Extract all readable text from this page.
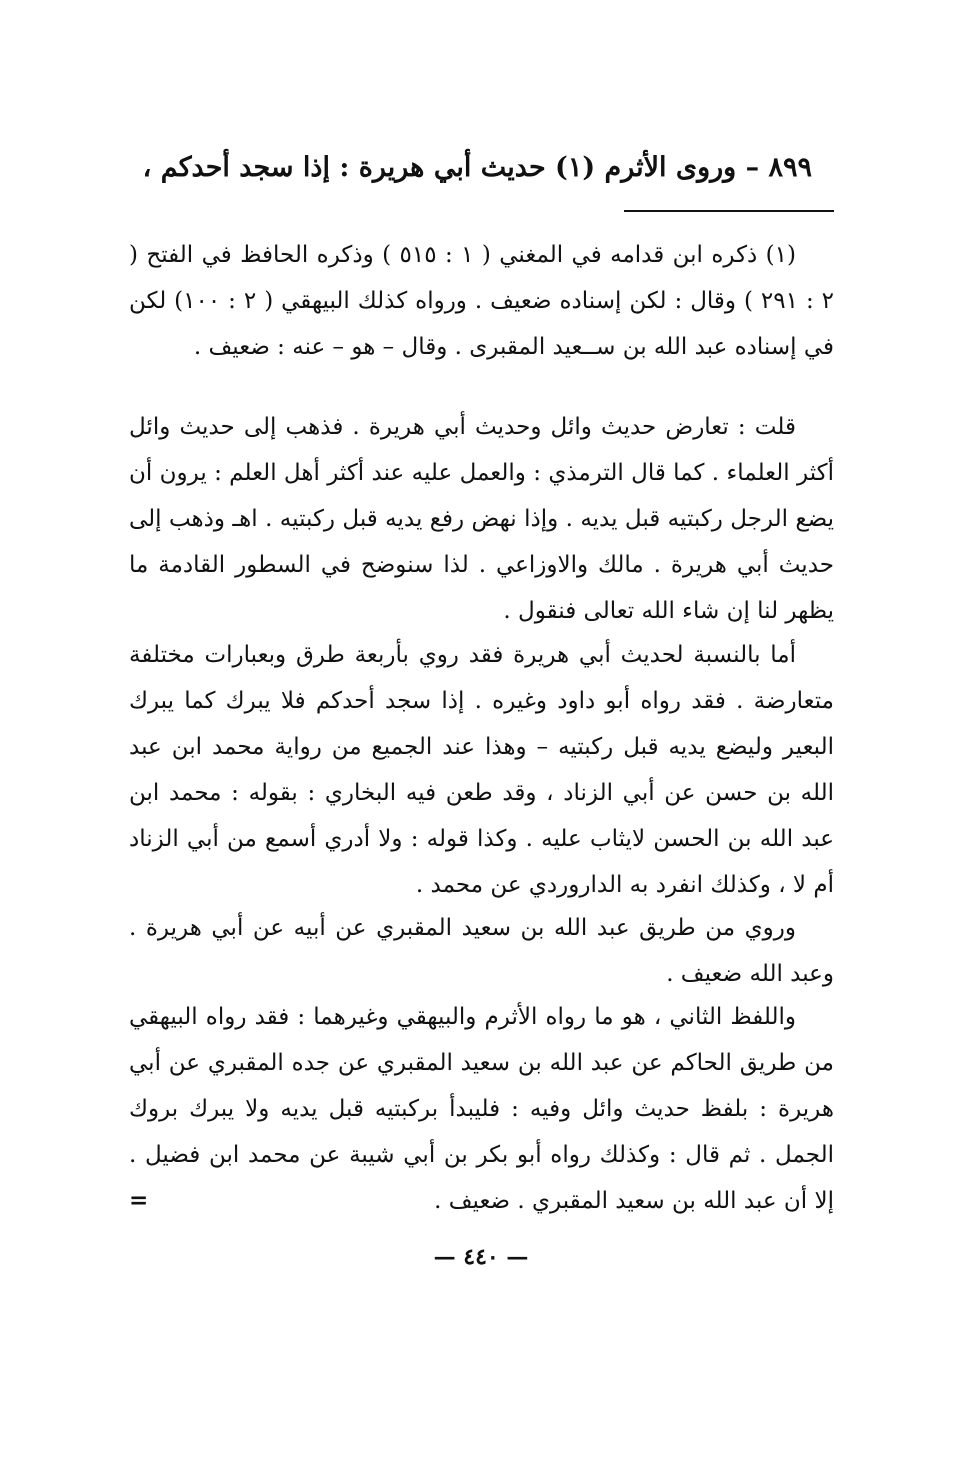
٨٩٩ – وروى الأثرم (١) حديث أبي هريرة : إذا سجد أحدكم ،

(١) ذكره ابن قدامه في المغني ( ١ : ٥١٥ ) وذكره الحافظ في الفتح ( ٢ : ٢٩١ ) وقال : لكن إسناده ضعيف . ورواه كذلك البيهقي ( ٢ : ١٠٠) لكن في إسناده عبد الله بن ســعيد المقبرى . وقال – هو – عنه : ضعيف .

قلت : تعارض حديث وائل وحديث أبي هريرة . فذهب إلى حديث وائل أكثر العلماء . كما قال الترمذي : والعمل عليه عند أكثر أهل العلم : يرون أن يضع الرجل ركبتيه قبل يديه . وإذا نهض رفع يديه قبل ركبتيه . اهـ وذهب إلى حديث أبي هريرة . مالك والاوزاعي . لذا سنوضح في السطور القادمة ما يظهر لنا إن شاء الله تعالى فنقول .

أما بالنسبة لحديث أبي هريرة فقد روي بأربعة طرق وبعبارات مختلفة متعارضة . فقد رواه أبو داود وغيره . إذا سجد أحدكم فلا يبرك كما يبرك البعير وليضع يديه قبل ركبتيه – وهذا عند الجميع من رواية محمد ابن عبد الله بن حسن عن أبي الزناد ، وقد طعن فيه البخاري : بقوله : محمد ابن عبد الله بن الحسن لايثاب عليه . وكذا قوله : ولا أدري أسمع من أبي الزناد أم لا ، وكذلك انفرد به الداروردي عن محمد .

وروي من طريق عبد الله بن سعيد المقبري عن أبيه عن أبي هريرة . وعبد الله ضعيف .

واللفظ الثاني ، هو ما رواه الأثرم والبيهقي وغيرهما : فقد رواه البيهقي من طريق الحاكم عن عبد الله بن سعيد المقبري عن جده المقبري عن أبي هريرة : بلفظ حديث وائل وفيه : فليبدأ بركبتيه قبل يديه ولا يبرك بروك الجمل . ثم قال : وكذلك رواه أبو بكر بن أبي شيبة عن محمد ابن فضيل . إلا أن عبد الله بن سعيد المقبري . ضعيف .
=

— ٤٤٠ —
